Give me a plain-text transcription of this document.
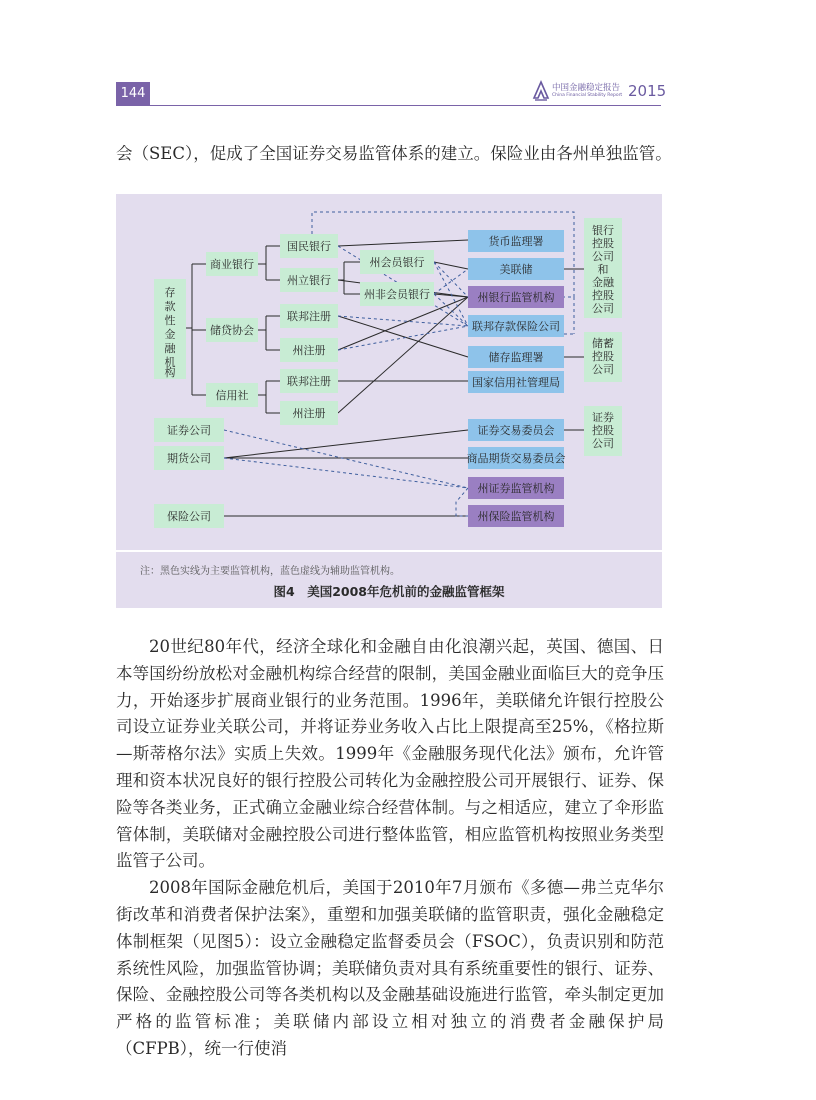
144	中国金融稳定报告
China Financial Stability Report 2015
会（SEC），促成了全国证券交易监管体系的建立。保险业由各州单独监管。
存
款
性
金
融
机
构
商业银行
储贷协会
信用社
国民银行
州立银行
州会员银行
州非会员银行
联邦注册
州注册
联邦注册
州注册
证券公司
期货公司
保险公司
银行
控股
公司
和
金融
控股
公司
储蓄
控股
公司
证券
控股
公司
货币监理署
美联储
州银行监管机构
联邦存款保险公司
储存监理署
国家信用社管理局
证券交易委员会
商品期货交易委员会
州证券监管机构
州保险监管机构
注：黑色实线为主要监管机构，蓝色虚线为辅助监管机构。
图4　美国2008年危机前的金融监管框架

20世纪80年代，经济全球化和金融自由化浪潮兴起，英国、德国、日本等国纷纷放松对金融机构综合经营的限制，美国金融业面临巨大的竞争压力，开始逐步扩展商业银行的业务范围。1996年，美联储允许银行控股公司设立证券业关联公司，并将证券业务收入占比上限提高至25%，《格拉斯—斯蒂格尔法》实质上失效。1999年《金融服务现代化法》颁布，允许管理和资本状况良好的银行控股公司转化为金融控股公司开展银行、证券、保险等各类业务，正式确立金融业综合经营体制。与之相适应，建立了伞形监管体制，美联储对金融控股公司进行整体监管，相应监管机构按照业务类型监管子公司。

2008年国际金融危机后，美国于2010年7月颁布《多德—弗兰克华尔街改革和消费者保护法案》，重塑和加强美联储的监管职责，强化金融稳定体制框架（见图5）：设立金融稳定监督委员会（FSOC），负责识别和防范系统性风险，加强监管协调；美联储负责对具有系统重要性的银行、证券、保险、金融控股公司等各类机构以及金融基础设施进行监管，牵头制定更加严格的监管标准；美联储内部设立相对独立的消费者金融保护局（CFPB），统一行使消
